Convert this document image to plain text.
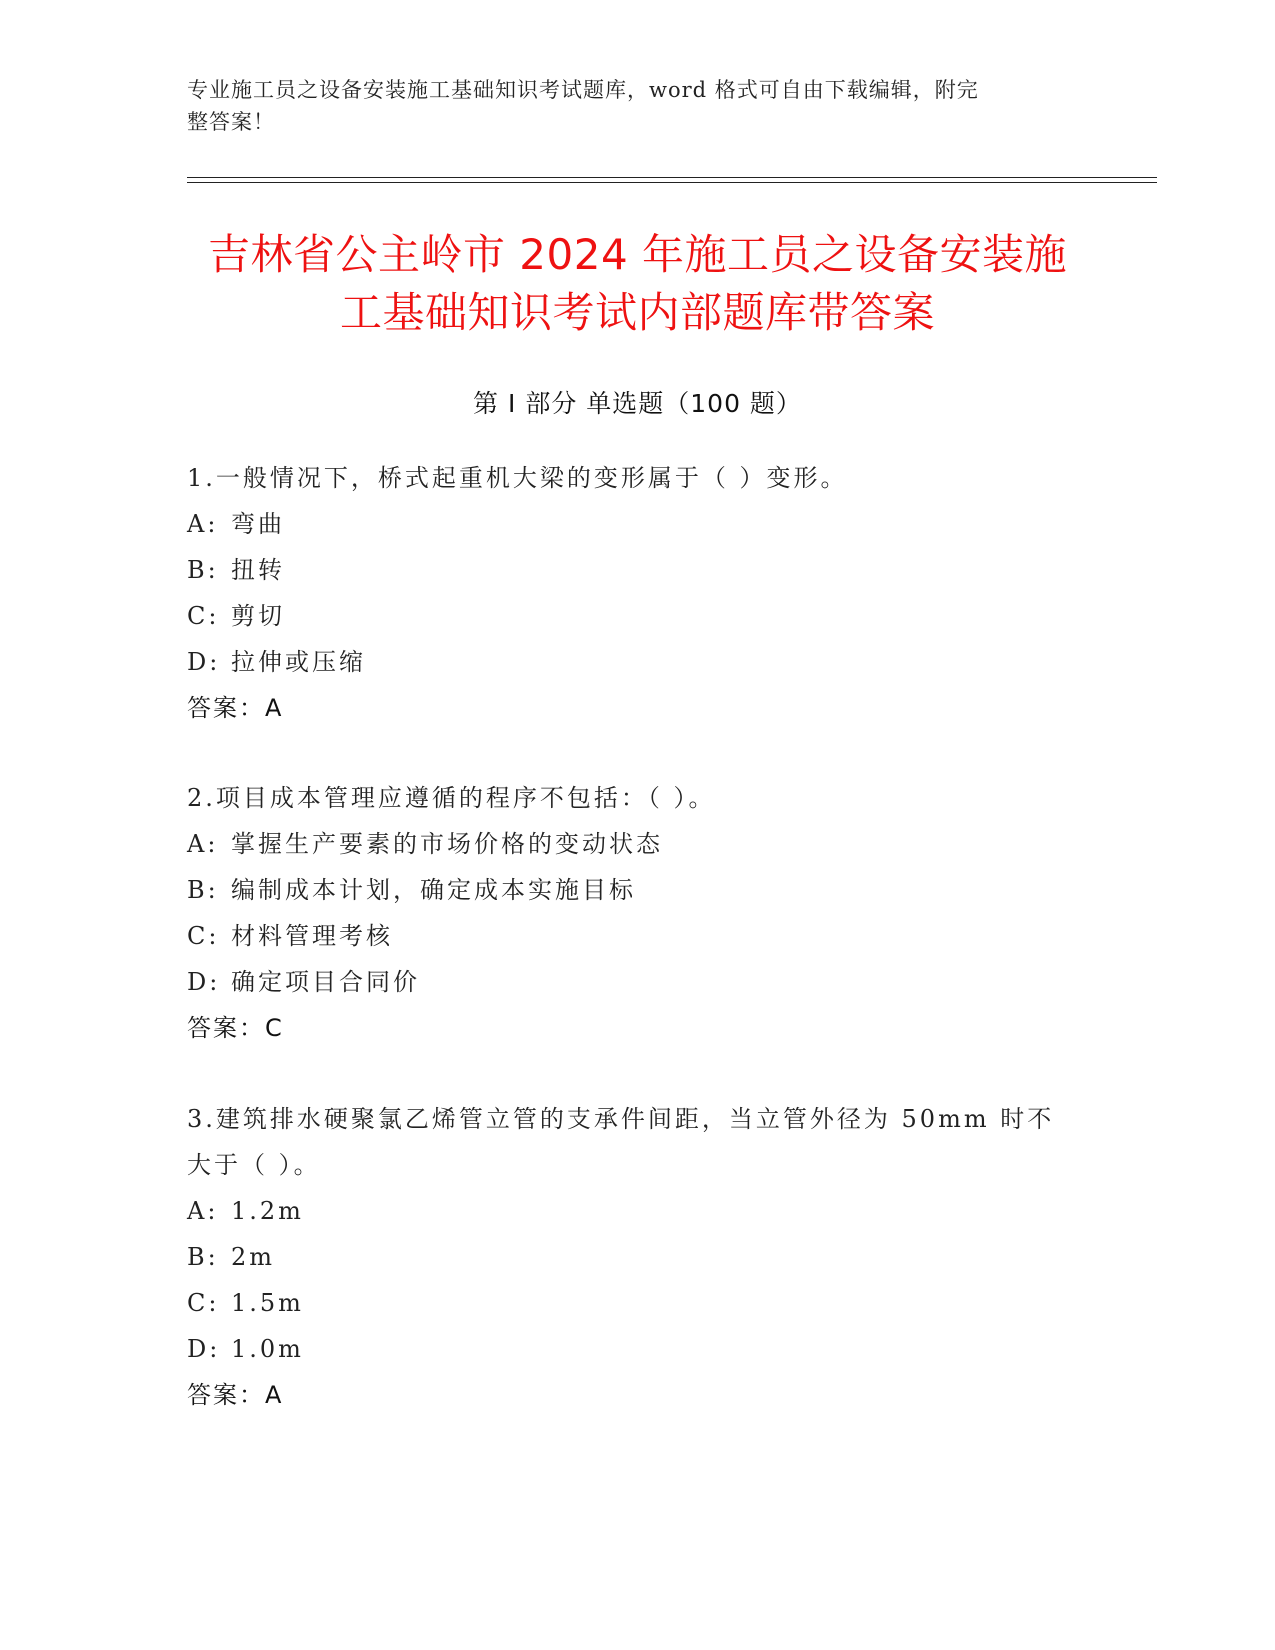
专业施工员之设备安装施工基础知识考试题库，word 格式可自由下载编辑，附完
整答案！
吉林省公主岭市 2024 年施工员之设备安装施
工基础知识考试内部题库带答案
第 I 部分 单选题（100 题）
1.一般情况下，桥式起重机大梁的变形属于（ ）变形。
A: 弯曲
B: 扭转
C: 剪切
D: 拉伸或压缩
答案：A
2.项目成本管理应遵循的程序不包括：（ ）。
A: 掌握生产要素的市场价格的变动状态
B: 编制成本计划，确定成本实施目标
C: 材料管理考核
D: 确定项目合同价
答案：C
3.建筑排水硬聚氯乙烯管立管的支承件间距，当立管外径为 50mm 时不
大于（ ）。
A: 1.2m
B: 2m
C: 1.5m
D: 1.0m
答案：A
